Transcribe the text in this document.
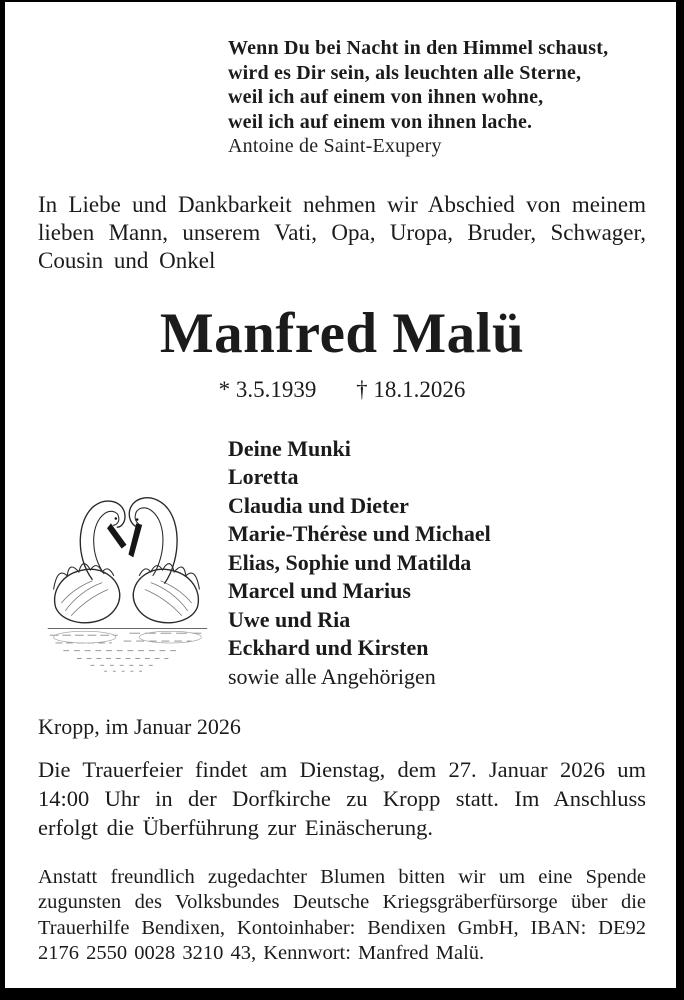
Wenn Du bei Nacht in den Himmel schaust,
wird es Dir sein, als leuchten alle Sterne,
weil ich auf einem von ihnen wohne,
weil ich auf einem von ihnen lache.
Antoine de Saint-Exupery

In Liebe und Dankbarkeit nehmen wir Abschied von meinem lieben Mann, unserem Vati, Opa, Uropa, Bruder, Schwager, Cousin und Onkel

Manfred Malü
* 3.5.1939 † 18.1.2026
Deine Munki
Loretta
Claudia und Dieter
Marie-Thérèse und Michael
Elias, Sophie und Matilda
Marcel und Marius
Uwe und Ria
Eckhard und Kirsten
sowie alle Angehörigen
Kropp, im Januar 2026

Die Trauerfeier findet am Dienstag, dem 27. Januar 2026 um 14:00 Uhr in der Dorfkirche zu Kropp statt. Im Anschluss erfolgt die Überführung zur Einäscherung.

Anstatt freundlich zugedachter Blumen bitten wir um eine Spende zugunsten des Volksbundes Deutsche Kriegsgräberfürsorge über die Trauerhilfe Bendixen, Kontoinhaber: Bendixen GmbH, IBAN: DE92 2176 2550 0028 3210 43, Kennwort: Manfred Malü.
